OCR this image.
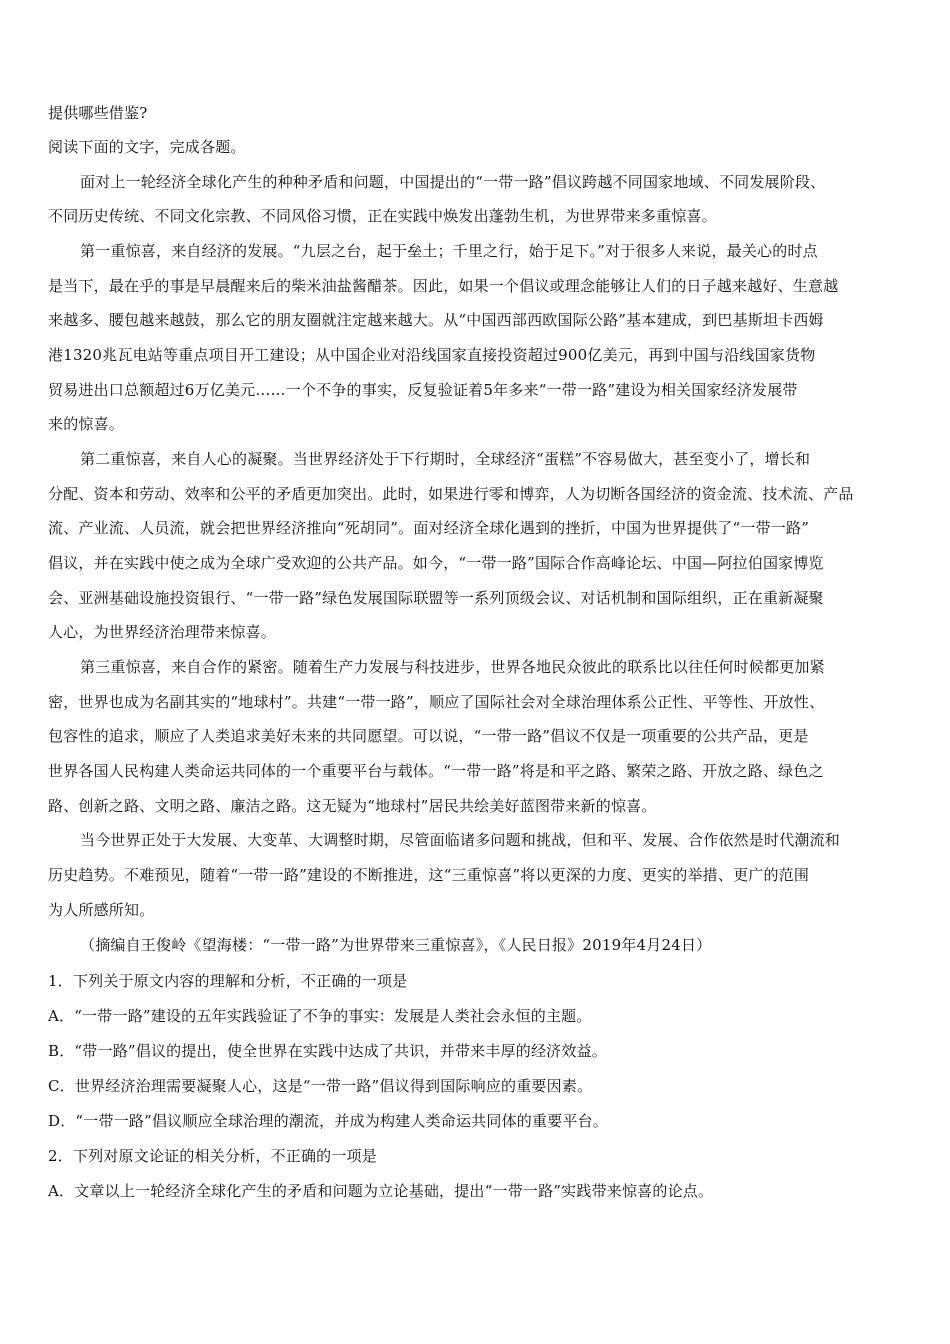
提供哪些借鉴?
阅读下面的文字，完成各题。
面对上一轮经济全球化产生的种种矛盾和问题，中国提出的“一带一路”倡议跨越不同国家地域、不同发展阶段、
不同历史传统、不同文化宗教、不同风俗习惯，正在实践中焕发出蓬勃生机，为世界带来多重惊喜。
第一重惊喜，来自经济的发展。“九层之台，起于垒土；千里之行，始于足下。”对于很多人来说，最关心的时点
是当下，最在乎的事是早晨醒来后的柴米油盐酱醋茶。因此，如果一个倡议或理念能够让人们的日子越来越好、生意越
来越多、腰包越来越鼓，那么它的朋友圈就注定越来越大。从“中国西部西欧国际公路”基本建成，到巴基斯坦卡西姆
港1320兆瓦电站等重点项目开工建设；从中国企业对沿线国家直接投资超过900亿美元，再到中国与沿线国家货物
贸易进出口总额超过6万亿美元……一个不争的事实，反复验证着5年多来“一带一路”建设为相关国家经济发展带
来的惊喜。
第二重惊喜，来自人心的凝聚。当世界经济处于下行期时，全球经济“蛋糕”不容易做大，甚至变小了，增长和
分配、资本和劳动、效率和公平的矛盾更加突出。此时，如果进行零和博弈，人为切断各国经济的资金流、技术流、产品
流、产业流、人员流，就会把世界经济推向“死胡同”。面对经济全球化遇到的挫折，中国为世界提供了“一带一路”
倡议，并在实践中使之成为全球广受欢迎的公共产品。如今，“一带一路”国际合作高峰论坛、中国—阿拉伯国家博览
会、亚洲基础设施投资银行、“一带一路”绿色发展国际联盟等一系列顶级会议、对话机制和国际组织，正在重新凝聚
人心，为世界经济治理带来惊喜。
第三重惊喜，来自合作的紧密。随着生产力发展与科技进步，世界各地民众彼此的联系比以往任何时候都更加紧
密，世界也成为名副其实的“地球村”。共建“一带一路”，顺应了国际社会对全球治理体系公正性、平等性、开放性、
包容性的追求，顺应了人类追求美好未来的共同愿望。可以说，“一带一路”倡议不仅是一项重要的公共产品，更是
世界各国人民构建人类命运共同体的一个重要平台与载体。“一带一路”将是和平之路、繁荣之路、开放之路、绿色之
路、创新之路、文明之路、廉洁之路。这无疑为“地球村”居民共绘美好蓝图带来新的惊喜。
当今世界正处于大发展、大变革、大调整时期，尽管面临诸多问题和挑战，但和平、发展、合作依然是时代潮流和
历史趋势。不难预见，随着“一带一路”建设的不断推进，这“三重惊喜”将以更深的力度、更实的举措、更广的范围
为人所感所知。
（摘编自王俊岭《望海楼：“一带一路”为世界带来三重惊喜》，《人民日报》2019年4月24日）
1．下列关于原文内容的理解和分析，不正确的一项是
A．“一带一路”建设的五年实践验证了不争的事实：发展是人类社会永恒的主题。
B．“带一路”倡议的提出，使全世界在实践中达成了共识，并带来丰厚的经济效益。
C．世界经济治理需要凝聚人心，这是“一带一路”倡议得到国际响应的重要因素。
D．“一带一路”倡议顺应全球治理的潮流，并成为构建人类命运共同体的重要平台。
2．下列对原文论证的相关分析，不正确的一项是
A．文章以上一轮经济全球化产生的矛盾和问题为立论基础，提出“一带一路”实践带来惊喜的论点。
